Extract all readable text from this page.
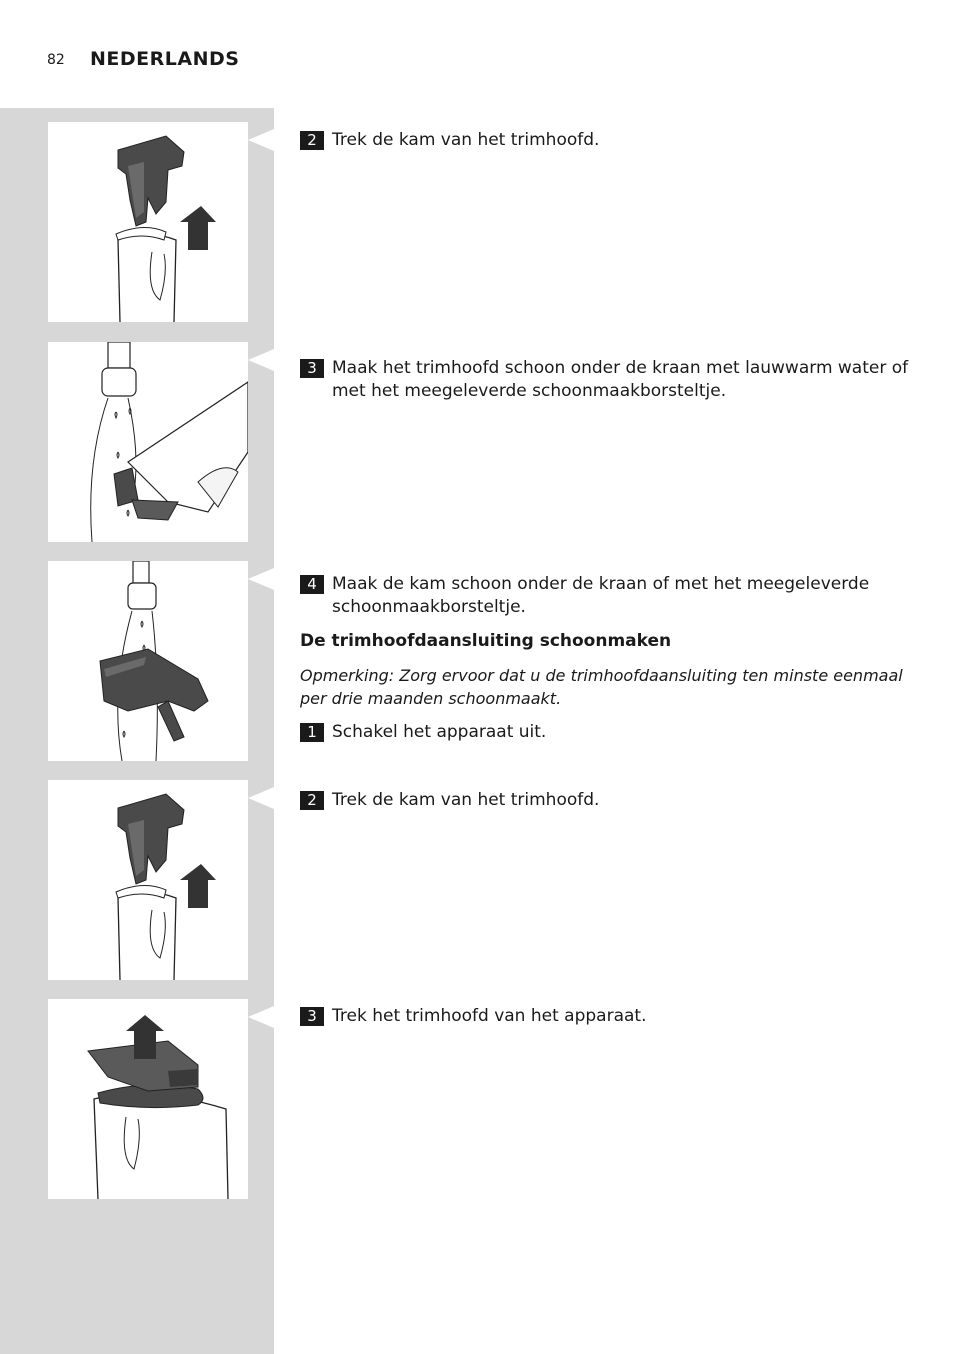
82 NEDERLANDS
2 Trek de kam van het trimhoofd.
3 Maak het trimhoofd schoon onder de kraan met lauwwarm water of met het meegeleverde schoonmaakborsteltje.
4 Maak de kam schoon onder de kraan of met het meegeleverde schoonmaakborsteltje.
De trimhoofdaansluiting schoonmaken
Opmerking: Zorg ervoor dat u de trimhoofdaansluiting ten minste eenmaal per drie maanden schoonmaakt.
1 Schakel het apparaat uit.
2 Trek de kam van het trimhoofd.
3 Trek het trimhoofd van het apparaat.
